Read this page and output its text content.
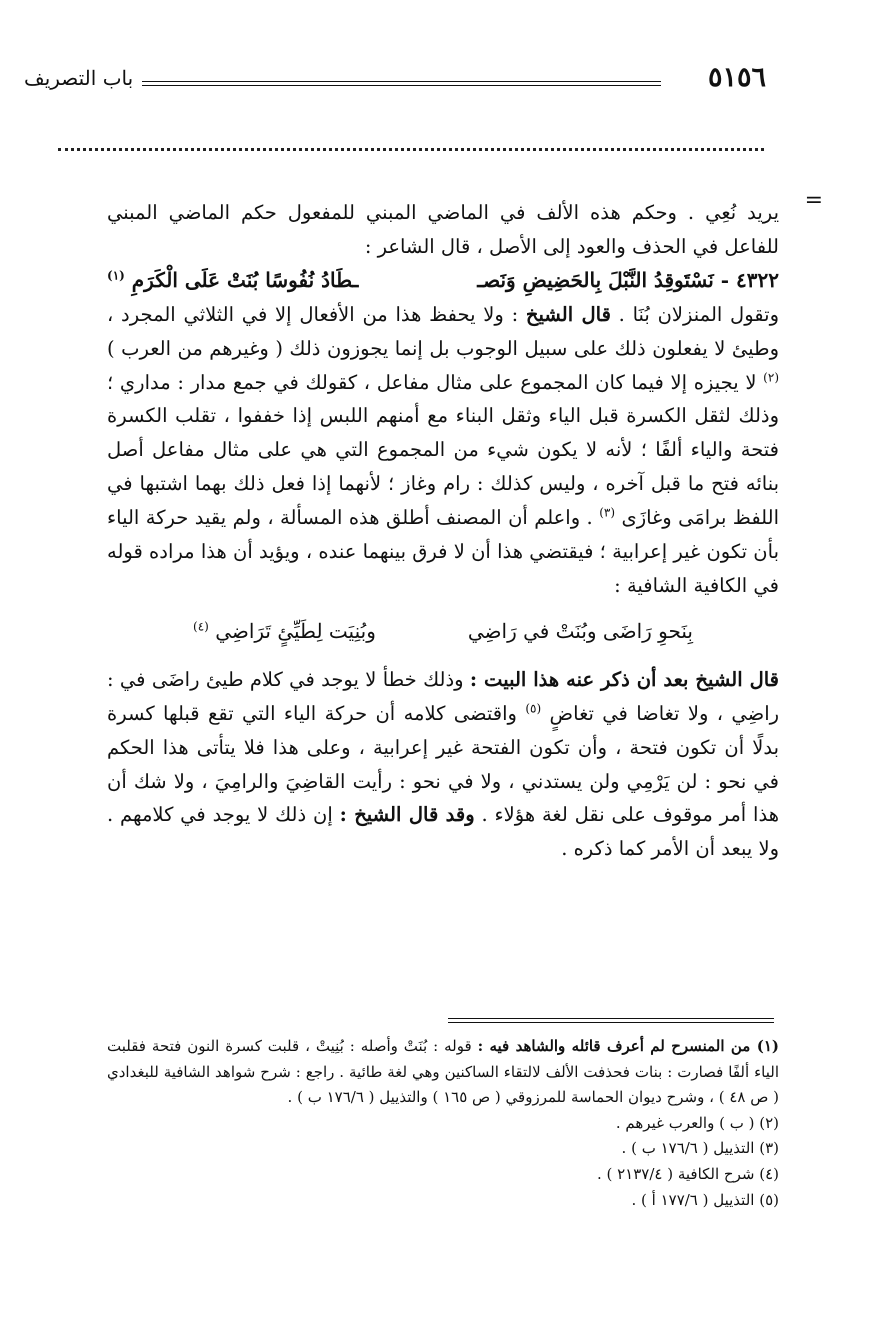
٥١٥٦
باب التصريف
=

يريد نُعِي . وحكم هذه الألف في الماضي المبني للمفعول حكم الماضي المبني للفاعل في الحذف والعود إلى الأصل ، قال الشاعر :

٤٣٢٢ - نَسْتَوقِدُ النَّبْلَ بِالحَضِيضِ وَنَصـ
ـطَادُ نُفُوسًا بُنَتْ عَلَى الْكَرَمِ $^{(١)}$

وتقول المنزلان بُنَا . قال الشيخ : ولا يحفظ هذا من الأفعال إلا في الثلاثي المجرد ، وطيئ لا يفعلون ذلك على سبيل الوجوب بل إنما يجوزون ذلك ( وغيرهم من العرب ) $^{(٢)}$ لا يجيزه إلا فيما كان المجموع على مثال مفاعل ، كقولك في جمع مدار : مداري ؛ وذلك لثقل الكسرة قبل الياء وثقل البناء مع أمنهم اللبس إذا خففوا ، تقلب الكسرة فتحة والياء ألفًا ؛ لأنه لا يكون شيء من المجموع التي هي على مثال مفاعل أصل بنائه فتح ما قبل آخره ، وليس كذلك : رام وغاز ؛ لأنهما إذا فعل ذلك بهما اشتبها في اللفظ برامَى وغازَى $^{(٣)}$ . واعلم أن المصنف أطلق هذه المسألة ، ولم يقيد حركة الياء بأن تكون غير إعرابية ؛ فيقتضي هذا أن لا فرق بينهما عنده ، ويؤيد أن هذا مراده قوله في الكافية الشافية :

بِنَحوِ رَاضَى وبُنَتْ في رَاضِي
وبُنِيَت لِطَيِّئٍ تَرَاضِي $^{(٤)}$

قال الشيخ بعد أن ذكر عنه هذا البيت : وذلك خطأ لا يوجد في كلام طيئ راضَى في : راضِي ، ولا تغاضا في تغاضٍ $^{(٥)}$ واقتضى كلامه أن حركة الياء التي تقع قبلها كسرة بدلًا أن تكون فتحة ، وأن تكون الفتحة غير إعرابية ، وعلى هذا فلا يتأتى هذا الحكم في نحو : لن يَرْمِي ولن يستدني ، ولا في نحو : رأيت القاضِيَ والرامِيَ ، ولا شك أن هذا أمر موقوف على نقل لغة هؤلاء . وقد قال الشيخ : إن ذلك لا يوجد في كلامهم . ولا يبعد أن الأمر كما ذكره .

(١) من المنسرح لم أعرف قائله والشاهد فيه : قوله : بُنَتْ وأصله : بُنِيتْ ، قلبت كسرة النون فتحة فقلبت الياء ألفًا فصارت : بنات فحذفت الألف لالتقاء الساكنين وهي لغة طائية . راجع : شرح شواهد الشافية للبغدادي ( ص ٤٨ ) ، وشرح ديوان الحماسة للمرزوقي ( ص ١٦٥ ) والتذييل ( ١٧٦/٦ ب ) .

(٢) ( ب ) والعرب غيرهم .

(٣) التذييل ( ١٧٦/٦ ب ) .

(٤) شرح الكافية ( ٢١٣٧/٤ ) .

(٥) التذييل ( ١٧٧/٦ أ ) .
